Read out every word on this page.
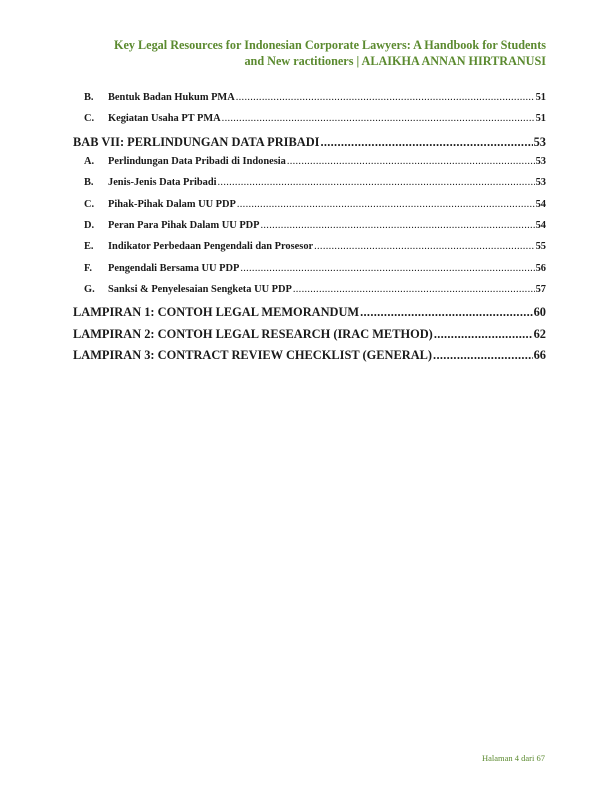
Key Legal Resources for Indonesian Corporate Lawyers: A Handbook for Students
and New ractitioners | ALAIKHA ANNAN HIRTRANUSI
B.	Bentuk Badan Hukum PMA .....	51
C.	Kegiatan Usaha PT PMA .....	51
BAB VII: PERLINDUNGAN DATA PRIBADI .....	53
A.	Perlindungan Data Pribadi di Indonesia .....	53
B.	Jenis-Jenis Data Pribadi .....	53
C.	Pihak-Pihak Dalam UU PDP .....	54
D.	Peran Para Pihak Dalam UU PDP .....	54
E.	Indikator Perbedaan Pengendali dan Prosesor .....	55
F.	Pengendali Bersama UU PDP .....	56
G.	Sanksi & Penyelesaian Sengketa UU PDP .....	57
LAMPIRAN 1: CONTOH LEGAL MEMORANDUM .....	60
LAMPIRAN 2: CONTOH LEGAL RESEARCH (IRAC METHOD) .....	62
LAMPIRAN 3: CONTRACT REVIEW CHECKLIST (GENERAL) .....	66
Halaman 4 dari 67
